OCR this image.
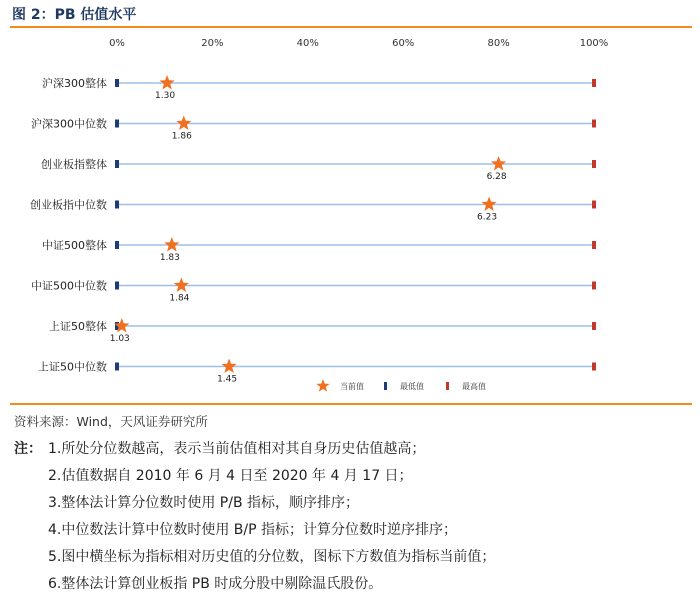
图 2：PB 估值水平
0%	20%	40%	60%	80%	100%
沪深300整体
1.30
沪深300中位数
1.86
创业板指整体
6.28
创业板指中位数
6.23
中证500整体
1.83
中证500中位数
1.84
上证50整体
1.03
上证50中位数
1.45
当前值	最低值	最高值
资料来源：Wind，天风证券研究所
注： 1.所处分位数越高，表示当前估值相对其自身历史估值越高；
2.估值数据自 2010 年 6 月 4 日至 2020 年 4 月 17 日；
3.整体法计算分位数时使用 P/B 指标，顺序排序；
4.中位数法计算中位数时使用 B/P 指标；计算分位数时逆序排序；
5.图中横坐标为指标相对历史值的分位数，图标下方数值为指标当前值；
6.整体法计算创业板指 PB 时成分股中剔除温氏股份。
